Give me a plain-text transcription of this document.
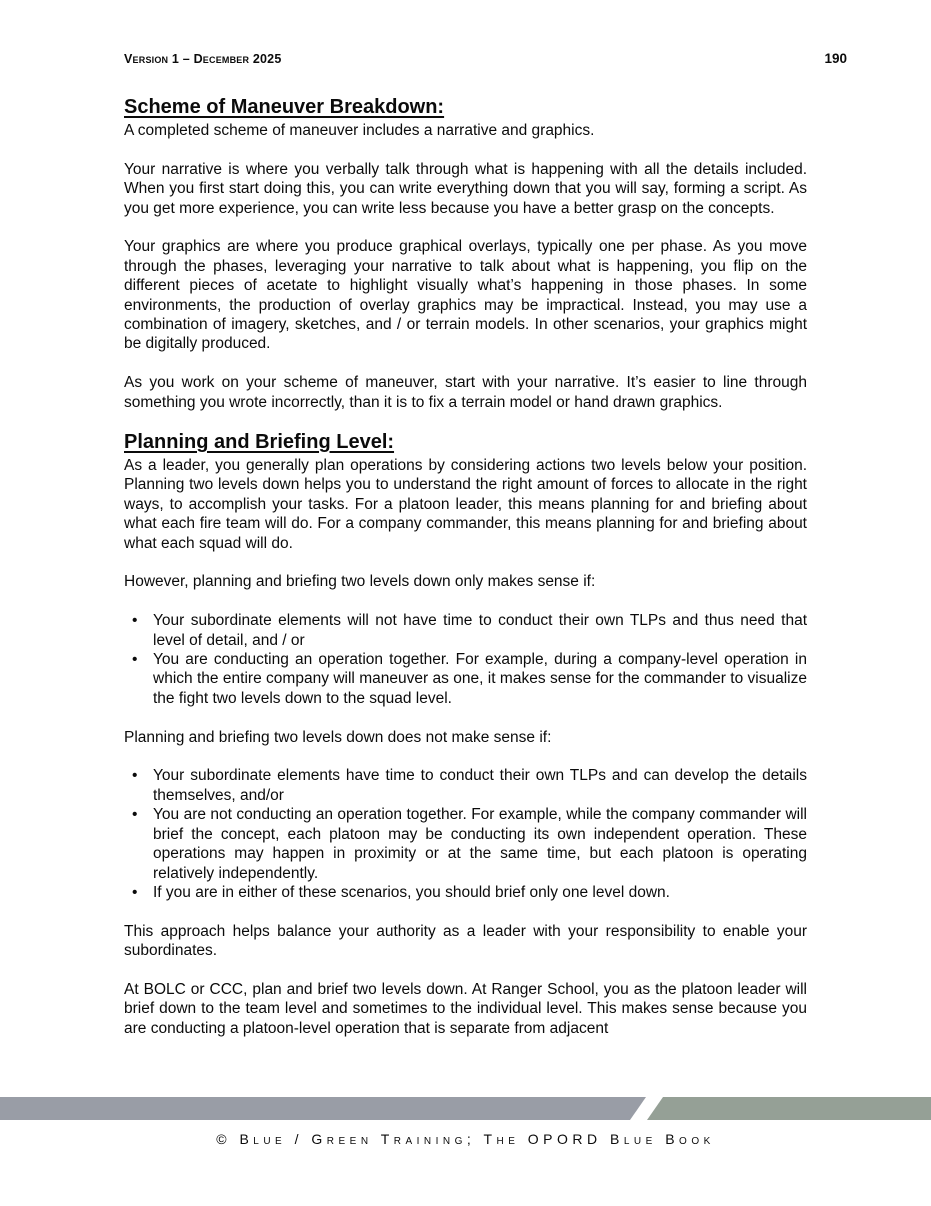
Version 1 – December 2025	190
Scheme of Maneuver Breakdown:

A completed scheme of maneuver includes a narrative and graphics.

Your narrative is where you verbally talk through what is happening with all the details included. When you first start doing this, you can write everything down that you will say, forming a script. As you get more experience, you can write less because you have a better grasp on the concepts.

Your graphics are where you produce graphical overlays, typically one per phase. As you move through the phases, leveraging your narrative to talk about what is happening, you flip on the different pieces of acetate to highlight visually what’s happening in those phases. In some environments, the production of overlay graphics may be impractical. Instead, you may use a combination of imagery, sketches, and / or terrain models. In other scenarios, your graphics might be digitally produced.

As you work on your scheme of maneuver, start with your narrative. It’s easier to line through something you wrote incorrectly, than it is to fix a terrain model or hand drawn graphics.

Planning and Briefing Level:

As a leader, you generally plan operations by considering actions two levels below your position. Planning two levels down helps you to understand the right amount of forces to allocate in the right ways, to accomplish your tasks. For a platoon leader, this means planning for and briefing about what each fire team will do. For a company commander, this means planning for and briefing about what each squad will do.

However, planning and briefing two levels down only makes sense if:

• Your subordinate elements will not have time to conduct their own TLPs and thus need that level of detail, and / or
• You are conducting an operation together. For example, during a company-level operation in which the entire company will maneuver as one, it makes sense for the commander to visualize the fight two levels down to the squad level.

Planning and briefing two levels down does not make sense if:

• Your subordinate elements have time to conduct their own TLPs and can develop the details themselves, and/or
• You are not conducting an operation together. For example, while the company commander will brief the concept, each platoon may be conducting its own independent operation. These operations may happen in proximity or at the same time, but each platoon is operating relatively independently.
• If you are in either of these scenarios, you should brief only one level down.

This approach helps balance your authority as a leader with your responsibility to enable your subordinates.

At BOLC or CCC, plan and brief two levels down. At Ranger School, you as the platoon leader will brief down to the team level and sometimes to the individual level. This makes sense because you are conducting a platoon-level operation that is separate from adjacent

© Blue / Green Training; The OPORD Blue Book
